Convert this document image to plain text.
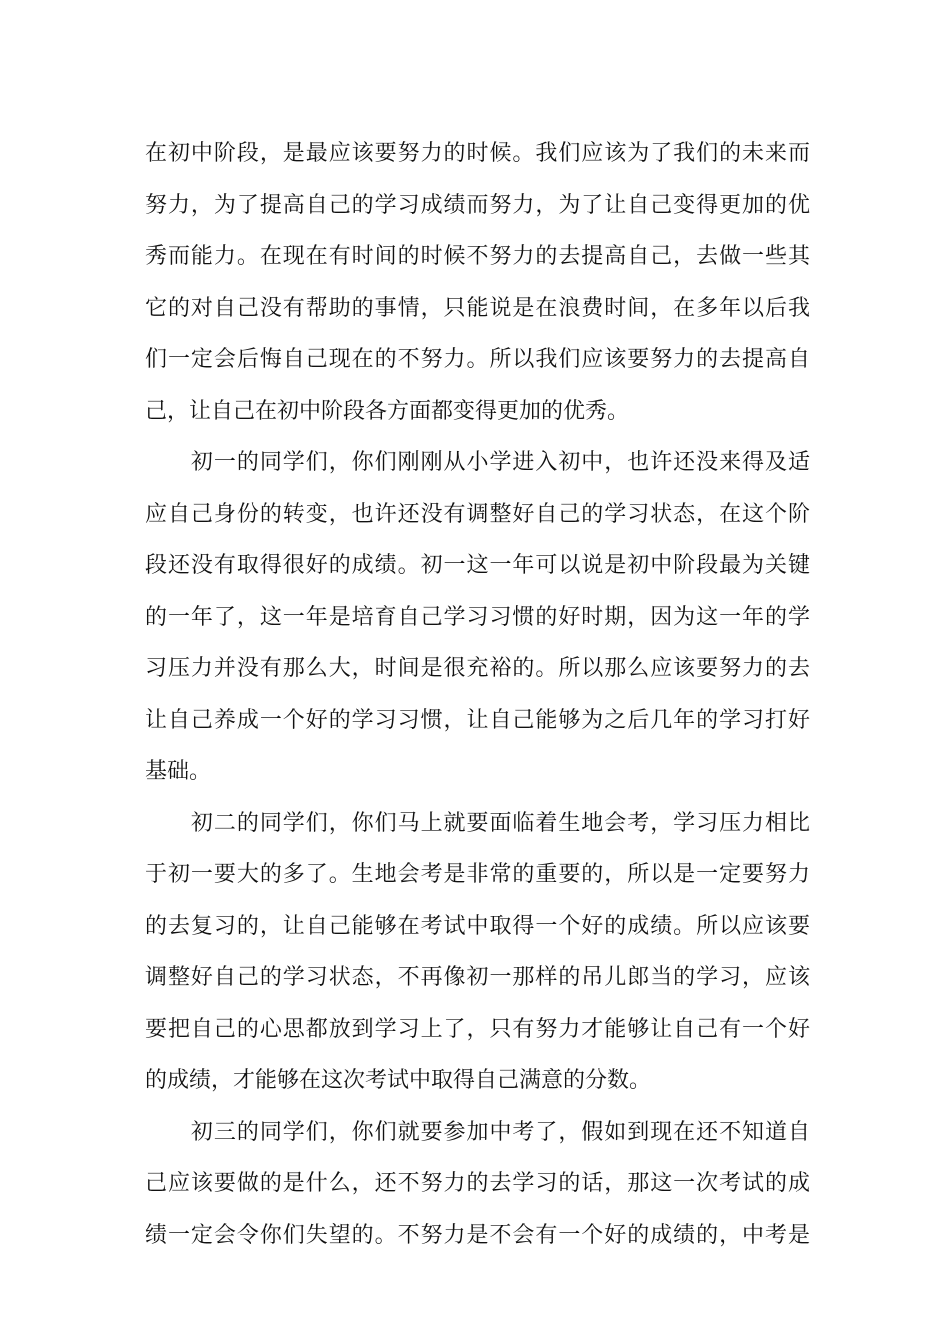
在初中阶段，是最应该要努力的时候。我们应该为了我们的未来而
努力，为了提高自己的学习成绩而努力，为了让自己变得更加的优
秀而能力。在现在有时间的时候不努力的去提高自己，去做一些其
它的对自己没有帮助的事情，只能说是在浪费时间，在多年以后我
们一定会后悔自己现在的不努力。所以我们应该要努力的去提高自
己，让自己在初中阶段各方面都变得更加的优秀。
　　初一的同学们，你们刚刚从小学进入初中，也许还没来得及适
应自己身份的转变，也许还没有调整好自己的学习状态，在这个阶
段还没有取得很好的成绩。初一这一年可以说是初中阶段最为关键
的一年了，这一年是培育自己学习习惯的好时期，因为这一年的学
习压力并没有那么大，时间是很充裕的。所以那么应该要努力的去
让自己养成一个好的学习习惯，让自己能够为之后几年的学习打好
基础。
　　初二的同学们，你们马上就要面临着生地会考，学习压力相比
于初一要大的多了。生地会考是非常的重要的，所以是一定要努力
的去复习的，让自己能够在考试中取得一个好的成绩。所以应该要
调整好自己的学习状态，不再像初一那样的吊儿郎当的学习，应该
要把自己的心思都放到学习上了，只有努力才能够让自己有一个好
的成绩，才能够在这次考试中取得自己满意的分数。
　　初三的同学们，你们就要参加中考了，假如到现在还不知道自
己应该要做的是什么，还不努力的去学习的话，那这一次考试的成
绩一定会令你们失望的。不努力是不会有一个好的成绩的，中考是
